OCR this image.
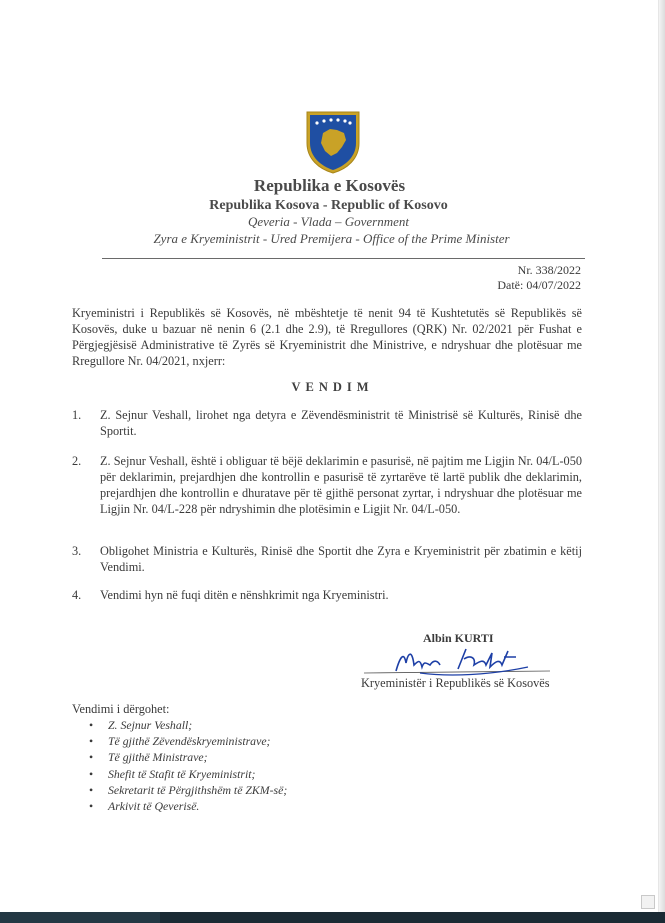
Republika e Kosovës
Republika Kosova - Republic of Kosovo
Qeveria - Vlada – Government
Zyra e Kryeministrit - Ured Premijera - Office of the Prime Minister
Nr. 338/2022
Datë: 04/07/2022
Kryeministri i Republikës së Kosovës, në mbështetje të nenit 94 të Kushtetutës së Republikës së Kosovës, duke u bazuar në nenin 6 (2.1 dhe 2.9), të Rregullores (QRK) Nr. 02/2021 për Fushat e Përgjegjësisë Administrative të Zyrës së Kryeministrit dhe Ministrive, e ndryshuar dhe plotësuar me Rregullore Nr. 04/2021, nxjerr:
VENDIM
1.	Z. Sejnur Veshall, lirohet nga detyra e Zëvendësministrit të Ministrisë së Kulturës, Rinisë dhe Sportit.
2.	Z. Sejnur Veshall, është i obliguar të bëjë deklarimin e pasurisë, në pajtim me Ligjin Nr. 04/L-050 për deklarimin, prejardhjen dhe kontrollin e pasurisë të zyrtarëve të lartë publik dhe deklarimin, prejardhjen dhe kontrollin e dhuratave për të gjithë personat zyrtar, i ndryshuar dhe plotësuar me Ligjin Nr. 04/L-228 për ndryshimin dhe plotësimin e Ligjit Nr. 04/L-050.
3.	Obligohet Ministria e Kulturës, Rinisë dhe Sportit dhe Zyra e Kryeministrit për zbatimin e këtij Vendimi.
4.	Vendimi hyn në fuqi ditën e nënshkrimit nga Kryeministri.
Albin KURTI
Kryeministër i Republikës së Kosovës
Vendimi i dërgohet:
• Z. Sejnur Veshall;
• Të gjithë Zëvendëskryeministrave;
• Të gjithë Ministrave;
• Shefit të Stafit të Kryeministrit;
• Sekretarit të Përgjithshëm të ZKM-së;
• Arkivit të Qeverisë.
